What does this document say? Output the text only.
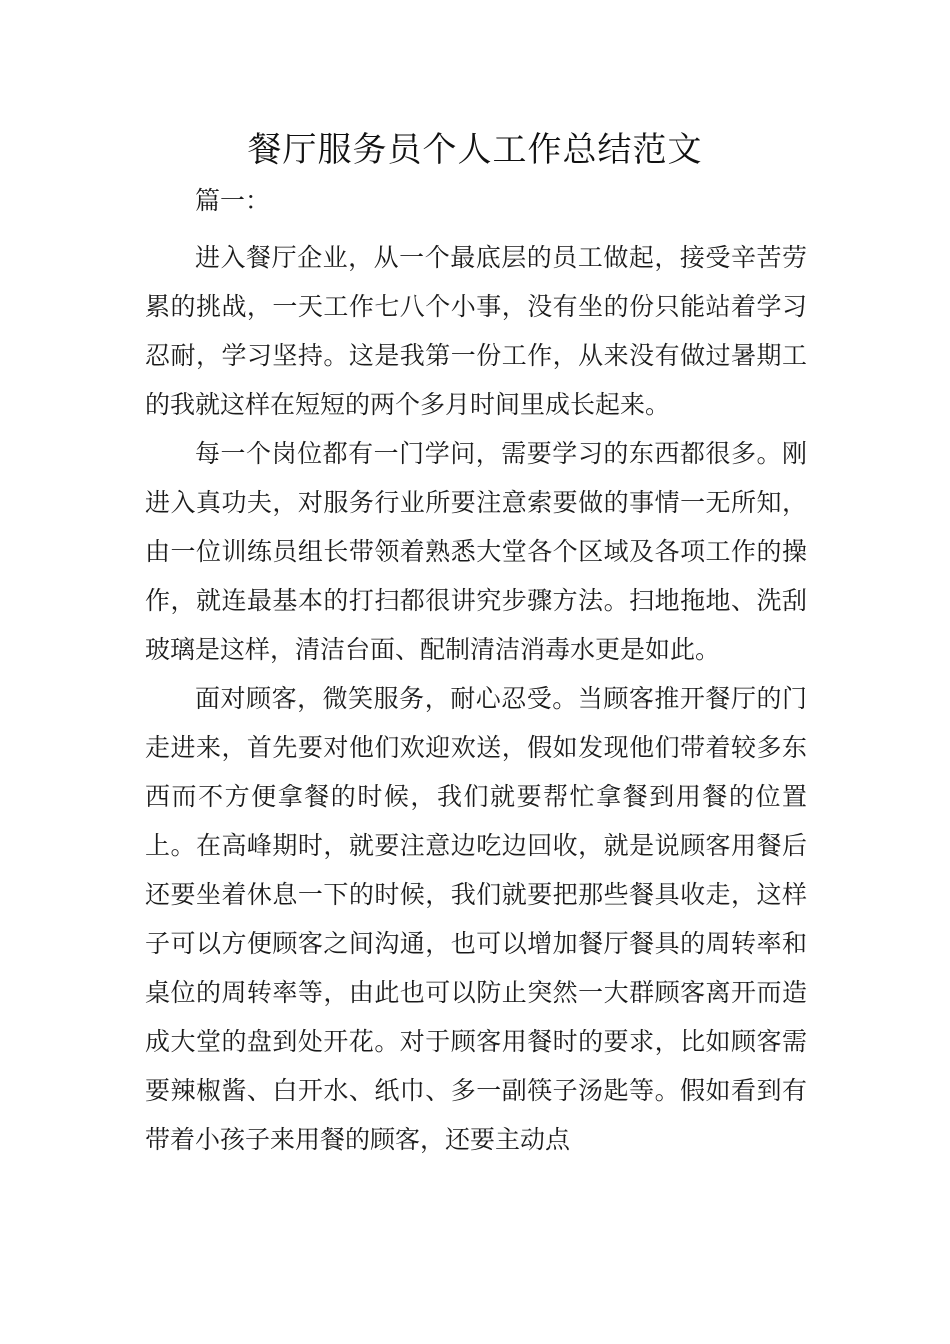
餐厅服务员个人工作总结范文

篇一：

进入餐厅企业，从一个最底层的员工做起，接受辛苦劳累的挑战，一天工作七八个小事，没有坐的份只能站着学习忍耐，学习坚持。这是我第一份工作，从来没有做过暑期工的我就这样在短短的两个多月时间里成长起来。

每一个岗位都有一门学问，需要学习的东西都很多。刚进入真功夫，对服务行业所要注意索要做的事情一无所知，由一位训练员组长带领着熟悉大堂各个区域及各项工作的操作，就连最基本的打扫都很讲究步骤方法。扫地拖地、洗刮玻璃是这样，清洁台面、配制清洁消毒水更是如此。

面对顾客，微笑服务，耐心忍受。当顾客推开餐厅的门走进来，首先要对他们欢迎欢送，假如发现他们带着较多东西而不方便拿餐的时候，我们就要帮忙拿餐到用餐的位置上。在高峰期时，就要注意边吃边回收，就是说顾客用餐后还要坐着休息一下的时候，我们就要把那些餐具收走，这样子可以方便顾客之间沟通，也可以增加餐厅餐具的周转率和桌位的周转率等，由此也可以防止突然一大群顾客离开而造成大堂的盘到处开花。对于顾客用餐时的要求，比如顾客需要辣椒酱、白开水、纸巾、多一副筷子汤匙等。假如看到有带着小孩子来用餐的顾客，还要主动点
